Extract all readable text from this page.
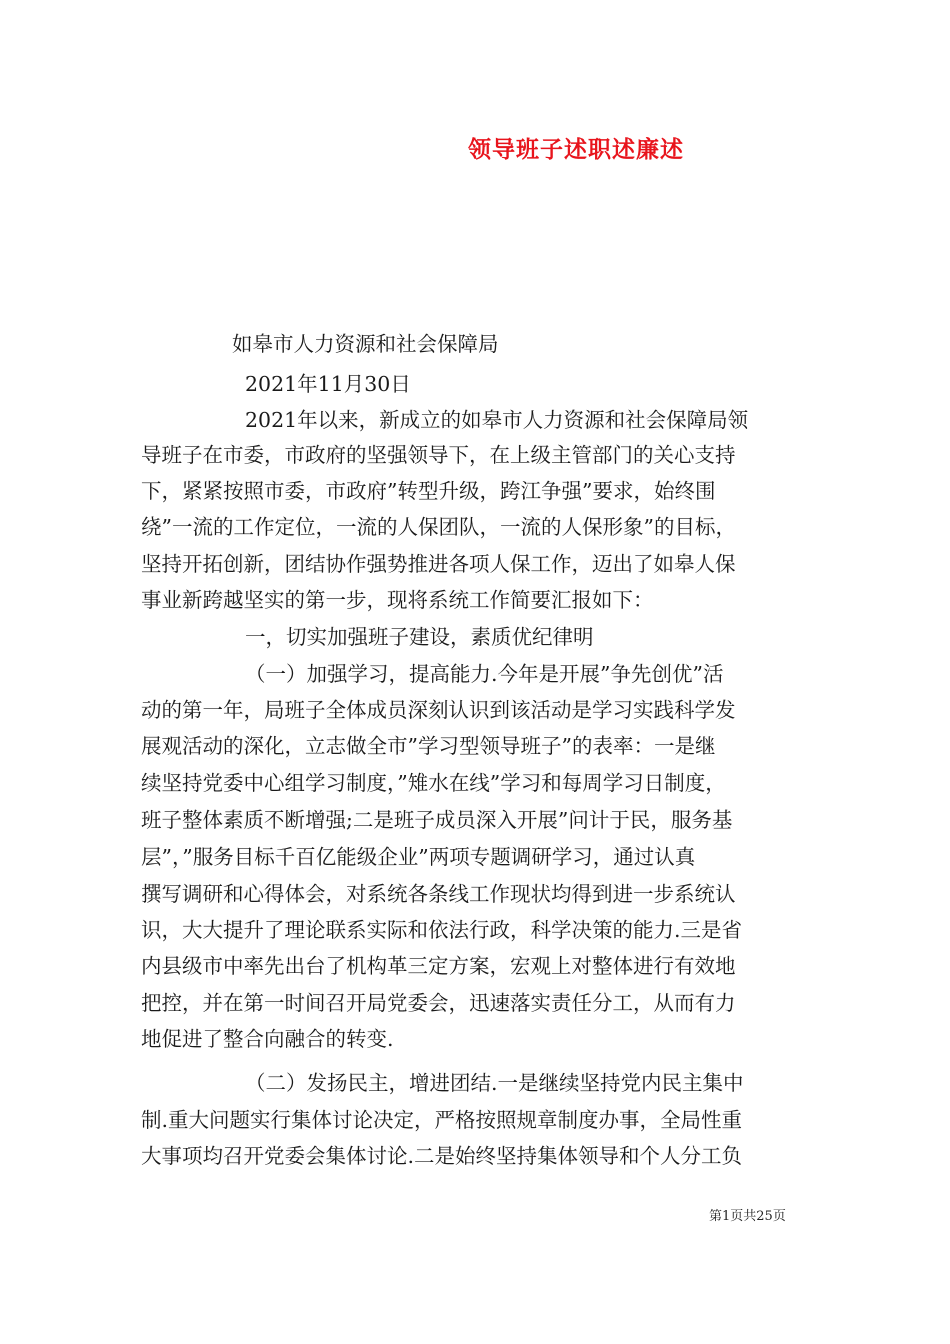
领导班子述职述廉述
如皋市人力资源和社会保障局
2021年11月30日
2021年以来，新成立的如皋市人力资源和社会保障局领
导班子在市委，市政府的坚强领导下，在上级主管部门的关心支持
下，紧紧按照市委，市政府”转型升级，跨江争强”要求，始终围
绕”一流的工作定位，一流的人保团队，一流的人保形象”的目标，
坚持开拓创新，团结协作强势推进各项人保工作，迈出了如皋人保
事业新跨越坚实的第一步，现将系统工作简要汇报如下：
一，切实加强班子建设，素质优纪律明
（一）加强学习，提高能力.今年是开展”争先创优”活
动的第一年，局班子全体成员深刻认识到该活动是学习实践科学发
展观活动的深化，立志做全市”学习型领导班子”的表率：一是继
续坚持党委中心组学习制度，”雉水在线”学习和每周学习日制度，
班子整体素质不断增强;二是班子成员深入开展”问计于民，服务基
层”，”服务目标千百亿能级企业”两项专题调研学习，通过认真
撰写调研和心得体会，对系统各条线工作现状均得到进一步系统认
识，大大提升了理论联系实际和依法行政，科学决策的能力.三是省
内县级市中率先出台了机构革三定方案，宏观上对整体进行有效地
把控，并在第一时间召开局党委会，迅速落实责任分工，从而有力
地促进了整合向融合的转变.
（二）发扬民主，增进团结.一是继续坚持党内民主集中
制.重大问题实行集体讨论决定，严格按照规章制度办事，全局性重
大事项均召开党委会集体讨论.二是始终坚持集体领导和个人分工负
第1页共25页
